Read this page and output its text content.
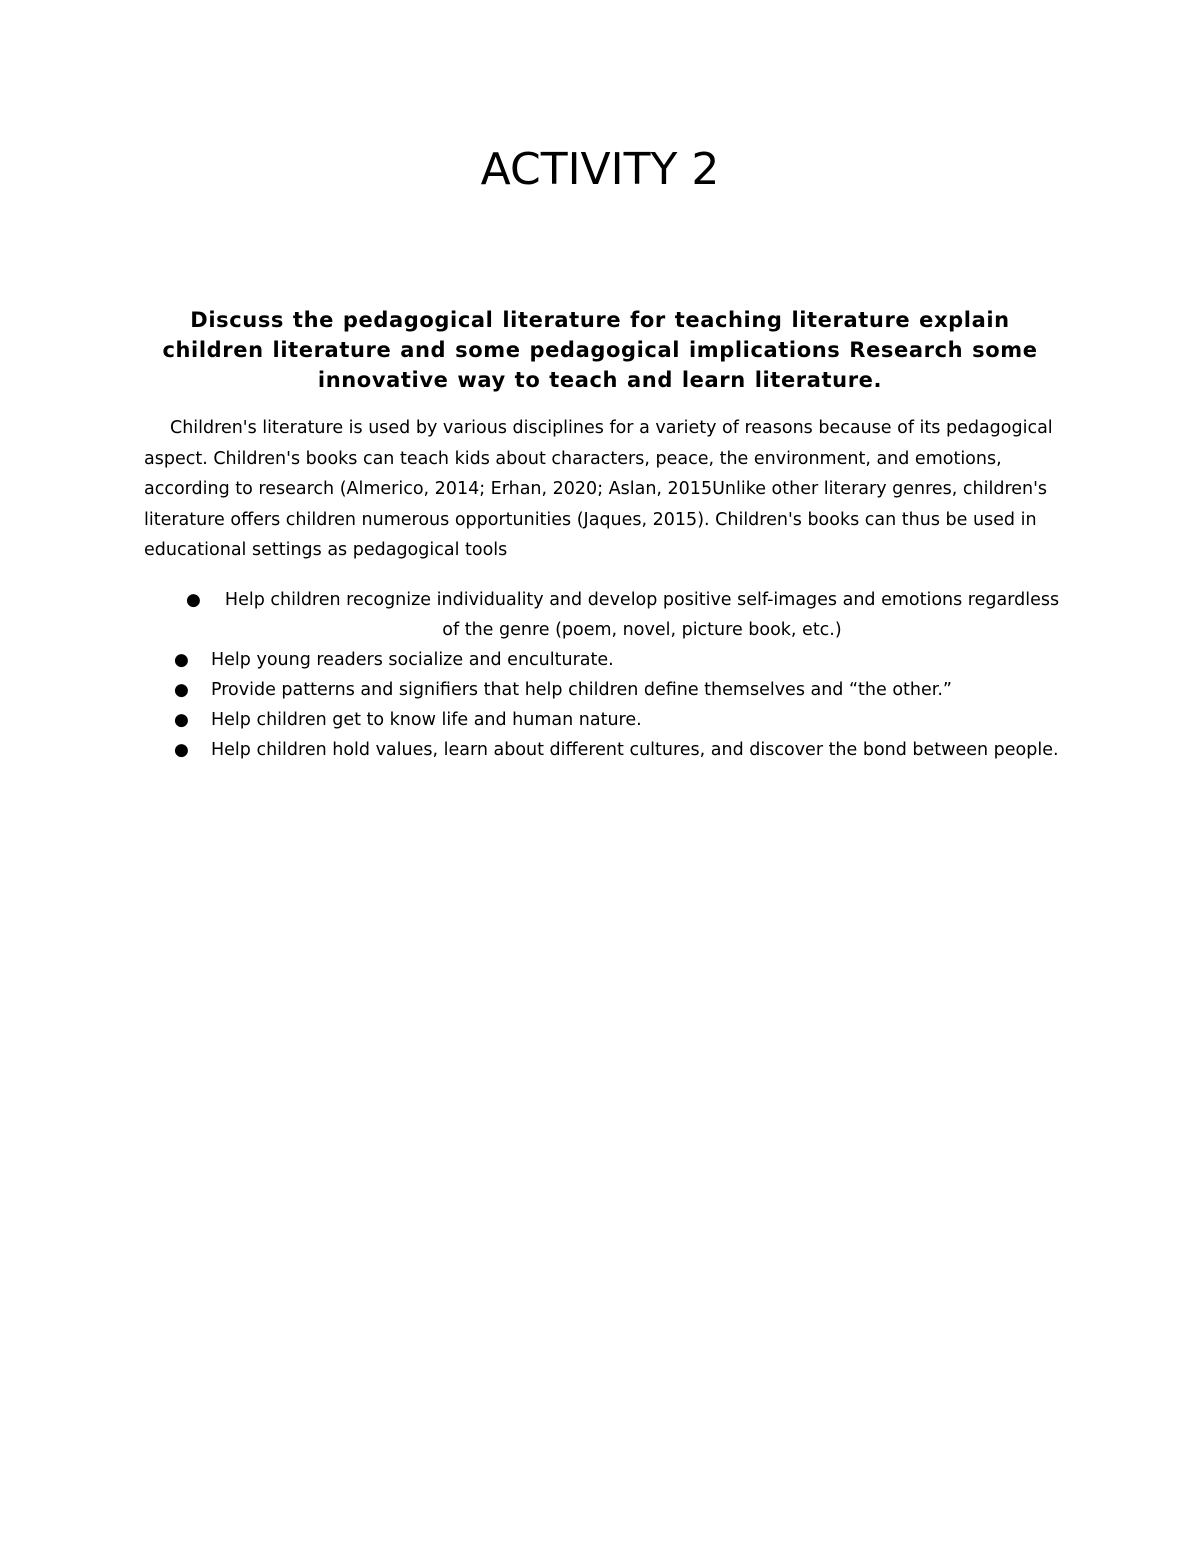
ACTIVITY 2

Discuss the pedagogical literature for teaching literature explain children literature and some pedagogical implications Research some innovative way to teach and learn literature.

Children's literature is used by various disciplines for a variety of reasons because of its pedagogical aspect. Children's books can teach kids about characters, peace, the environment, and emotions, according to research (Almerico, 2014; Erhan, 2020; Aslan, 2015Unlike other literary genres, children's literature offers children numerous opportunities (Jaques, 2015). Children's books can thus be used in educational settings as pedagogical tools

● Help children recognize individuality and develop positive self-images and emotions regardless of the genre (poem, novel, picture book, etc.)
● Help young readers socialize and enculturate.
● Provide patterns and signifiers that help children define themselves and “the other.”
● Help children get to know life and human nature.
● Help children hold values, learn about different cultures, and discover the bond between people.
